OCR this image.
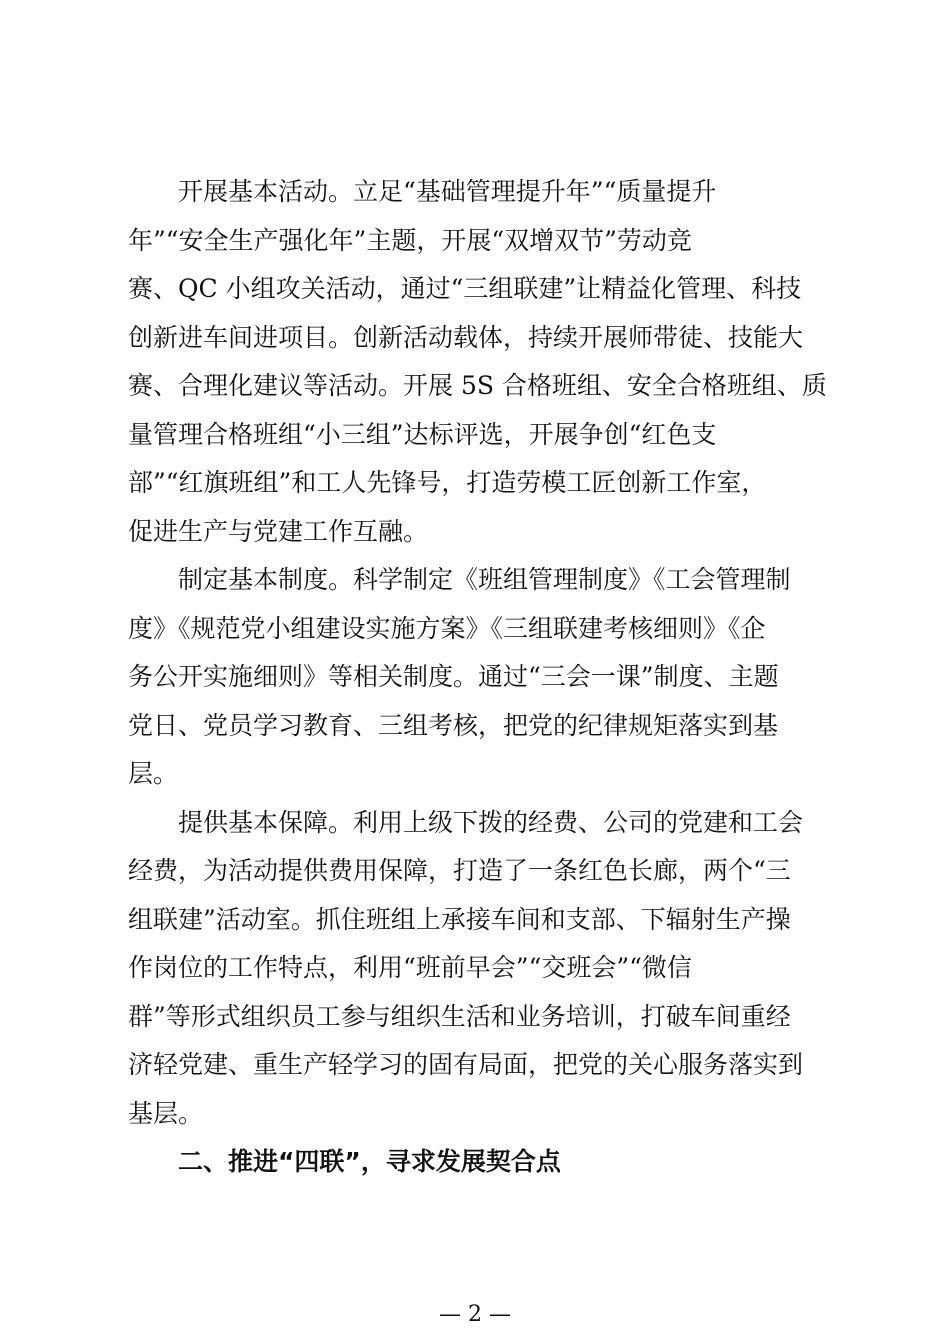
开展基本活动。立足“基础管理提升年”“质量提升
年”“安全生产强化年”主题，开展“双增双节”劳动竞
赛、QC 小组攻关活动，通过“三组联建”让精益化管理、科技
创新进车间进项目。创新活动载体，持续开展师带徒、技能大
赛、合理化建议等活动。开展 5S 合格班组、安全合格班组、质
量管理合格班组“小三组”达标评选，开展争创“红色支
部”“红旗班组”和工人先锋号，打造劳模工匠创新工作室，
促进生产与党建工作互融。
制定基本制度。科学制定《班组管理制度》《工会管理制
度》《规范党小组建设实施方案》《三组联建考核细则》《企
务公开实施细则》等相关制度。通过“三会一课”制度、主题
党日、党员学习教育、三组考核，把党的纪律规矩落实到基
层。
提供基本保障。利用上级下拨的经费、公司的党建和工会
经费，为活动提供费用保障，打造了一条红色长廊，两个“三
组联建”活动室。抓住班组上承接车间和支部、下辐射生产操
作岗位的工作特点，利用“班前早会”“交班会”“微信
群”等形式组织员工参与组织生活和业务培训，打破车间重经
济轻党建、重生产轻学习的固有局面，把党的关心服务落实到
基层。
二、推进“四联”，寻求发展契合点
— 2 —
